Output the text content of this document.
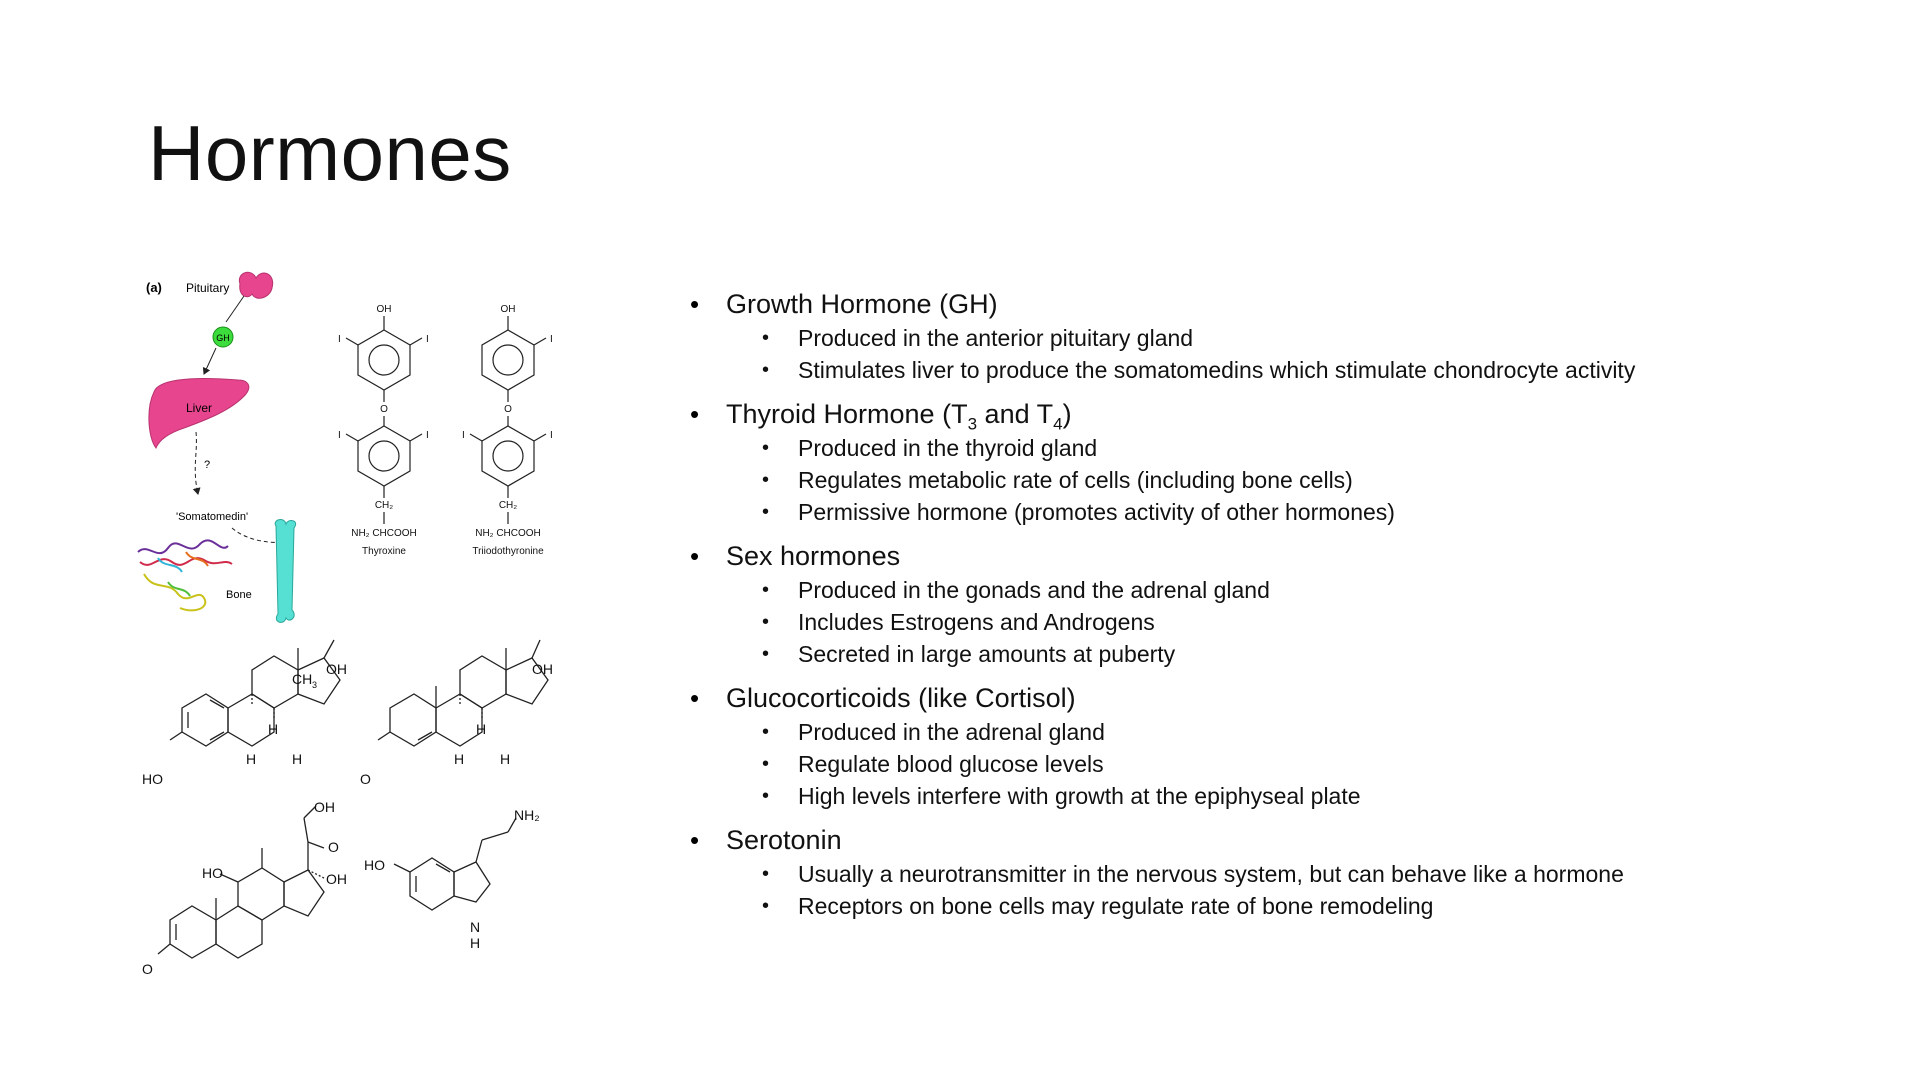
Hormones
(a) Pituitary
GH
Liver
?
'Somatomedin'
Bone
OH
I
I
O
I
I
CH₂
NH₂ CHCOOH
Thyroxine
OH
I
O
I
I
CH₂
NH₂ CHCOOH
Triiodothyronine
HO
CH 3
OH
H
H	H
O
OH
H
H	H
O
HO
O
OH
OH
HO
NH₂
N
H
• Growth Hormone (GH)
• Produced in the anterior pituitary gland
• Stimulates liver to produce the somatomedins which stimulate chondrocyte activity
• Thyroid Hormone ($T_3$ and $T_4$)
• Produced in the thyroid gland
• Regulates metabolic rate of cells (including bone cells)
• Permissive hormone (promotes activity of other hormones)
• Sex hormones
• Produced in the gonads and the adrenal gland
• Includes Estrogens and Androgens
• Secreted in large amounts at puberty
• Glucocorticoids (like Cortisol)
• Produced in the adrenal gland
• Regulate blood glucose levels
• High levels interfere with growth at the epiphyseal plate
• Serotonin
• Usually a neurotransmitter in the nervous system, but can behave like a hormone
• Receptors on bone cells may regulate rate of bone remodeling
